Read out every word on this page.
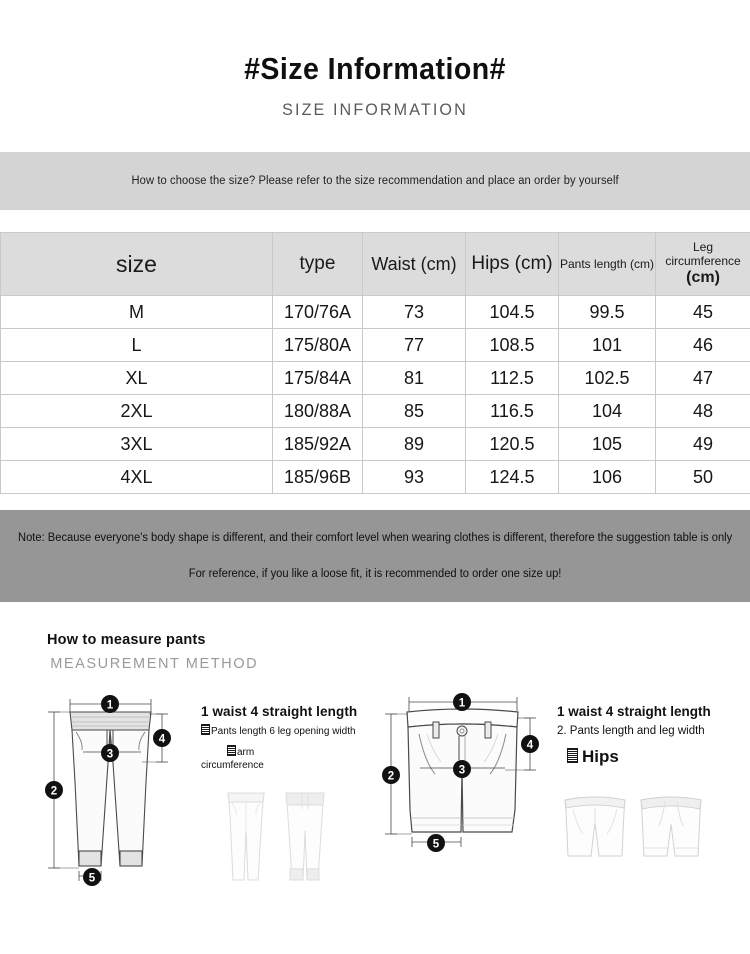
#Size Information#

SIZE INFORMATION

How to choose the size? Please refer to the size recommendation and place an order by yourself
size	type	Waist (cm)	Hips (cm)	Pants length (cm)	Leg circumference
(cm)

M	170/76A	73	104.5	99.5	45
L	175/80A	77	108.5	101	46
XL	175/84A	81	112.5	102.5	47
2XL	180/88A	85	116.5	104	48
3XL	185/92A	89	120.5	105	49
4XL	185/96B	93	124.5	106	50
Note: Because everyone's body shape is different, and their comfort level when wearing clothes is different, therefore the suggestion table is only
For reference, if you like a loose fit, it is recommended to order one size up!

How to measure pants

MEASUREMENT METHOD

1
2
3
4
5
1 waist 4 straight length
Pants length 6 leg opening width
arm
circumference
1
2	3
4
5
1 waist 4 straight length
2. Pants length and leg width
Hips
